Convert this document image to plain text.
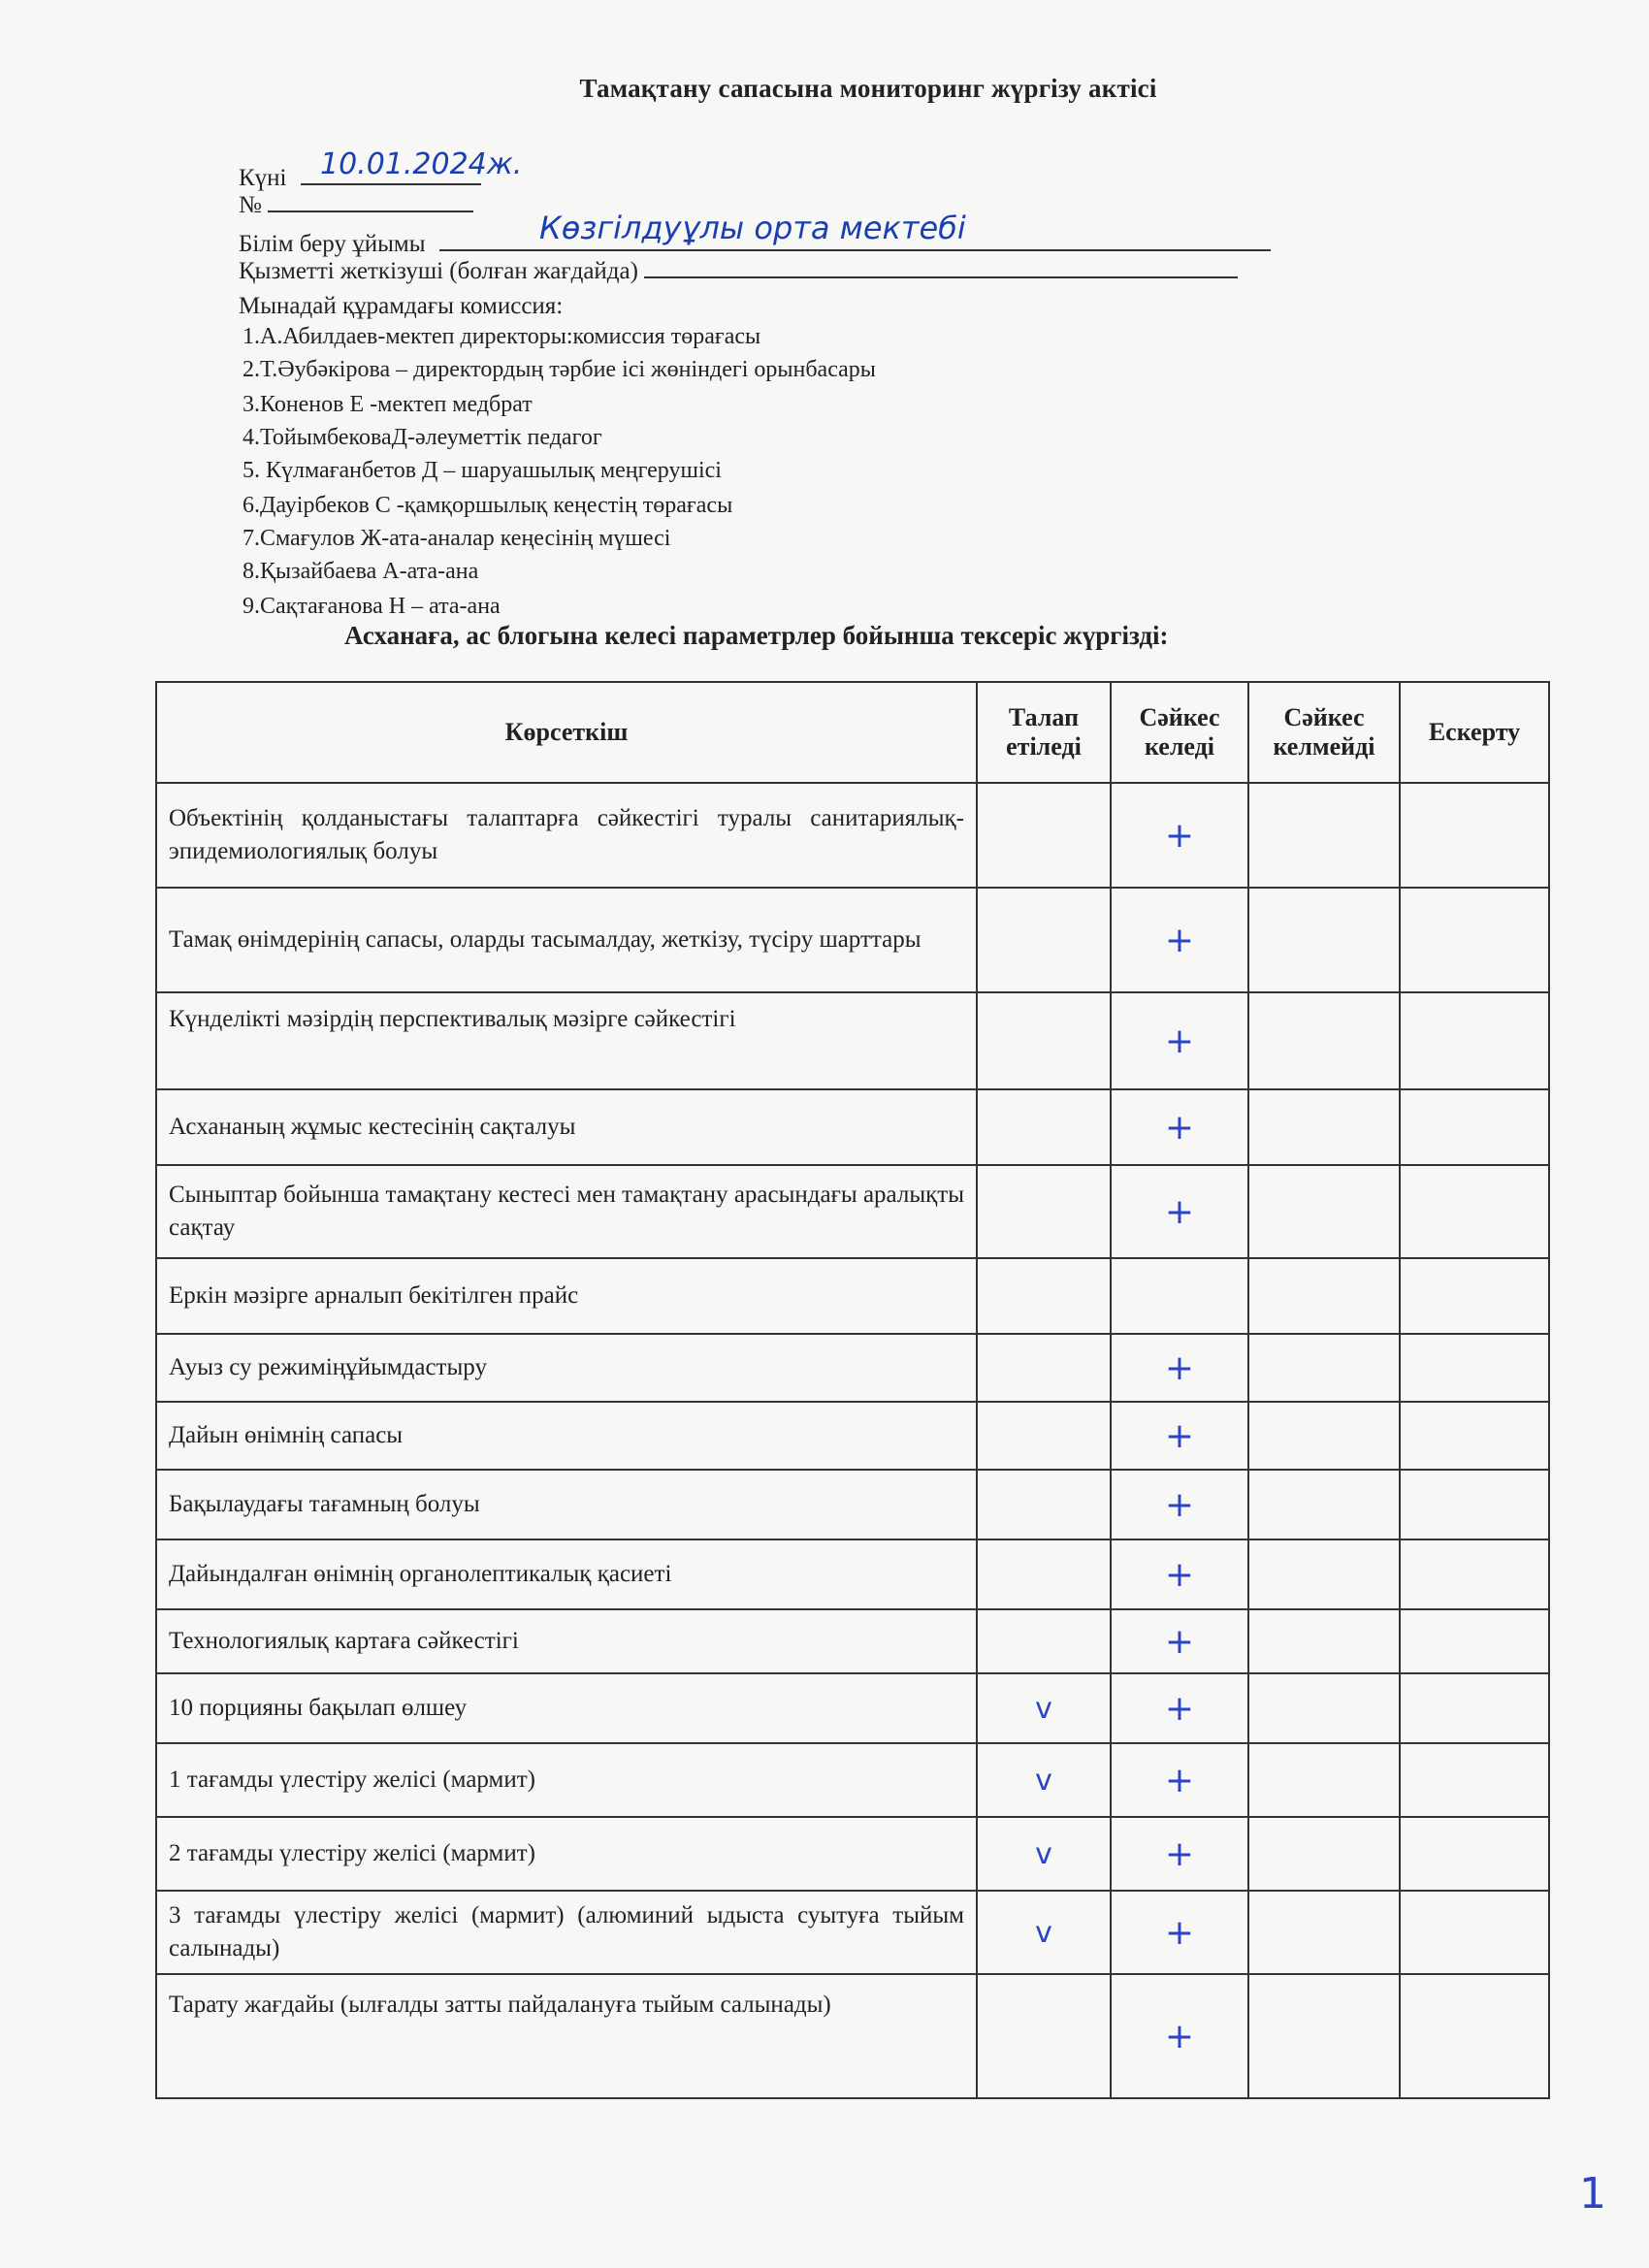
Тамақтану сапасына мониторинг жүргізу актісі
Күні	10.01.2024ж.
№
Білім беру ұйымы	Көзгілдуұлы орта мектебі
Қызметті жеткізуші (болған жағдайда)
Мынадай құрамдағы комиссия:
1.А.Абилдаев-мектеп директоры:комиссия төрағасы
2.Т.Әубәкірова – директордың тәрбие ісі жөніндегі орынбасары
3.Коненов Е -мектеп медбрат
4.ТойымбековаД-әлеуметтік педагог
5. Күлмағанбетов Д – шаруашылық меңгерушісі
6.Дауірбеков С -қамқоршылық кеңестің төрағасы
7.Смағулов Ж-ата-аналар кеңесінің мүшесі
8.Қызайбаева А-ата-ана
9.Сақтағанова Н – ата-ана
Асханаға, ас блогына келесі параметрлер бойынша тексеріс жүргізді:
Көрсеткіш	Талап етіледі	Сәйкес келеді	Сәйкес келмейді	Ескерту
Объектінің қолданыстағы талаптарға сәйкестігі туралы санитариялық-эпидемиологиялық болуы		+		
Тамақ өнімдерінің сапасы, оларды тасымалдау, жеткізу, түсіру шарттары		+		
Күнделікті мәзірдің перспективалық мәзірге сәйкестігі		+		
Асхананың жұмыс кестесінің сақталуы		+		
Сыныптар бойынша тамақтану кестесі мен тамақтану арасындағы аралықты сақтау		+		
Еркін мәзірге арналып бекітілген прайс				
Ауыз су режиміңұйымдастыру		+		
Дайын өнімнің сапасы		+		
Бақылаудағы тағамның болуы		+		
Дайындалған өнімнің органолептикалық қасиеті		+		
Технологиялық картаға сәйкестігі		+		
10 порцияны бақылап өлшеу	v	+		
1 тағамды үлестіру желісі (мармит)	v	+		
2 тағамды үлестіру желісі (мармит)	v	+		
3 тағамды үлестіру желісі (мармит) (алюминий ыдыста суытуға тыйым салынады)	v	+		
Тарату жағдайы (ылғалды затты пайдалануға тыйым салынады)		+		
1
